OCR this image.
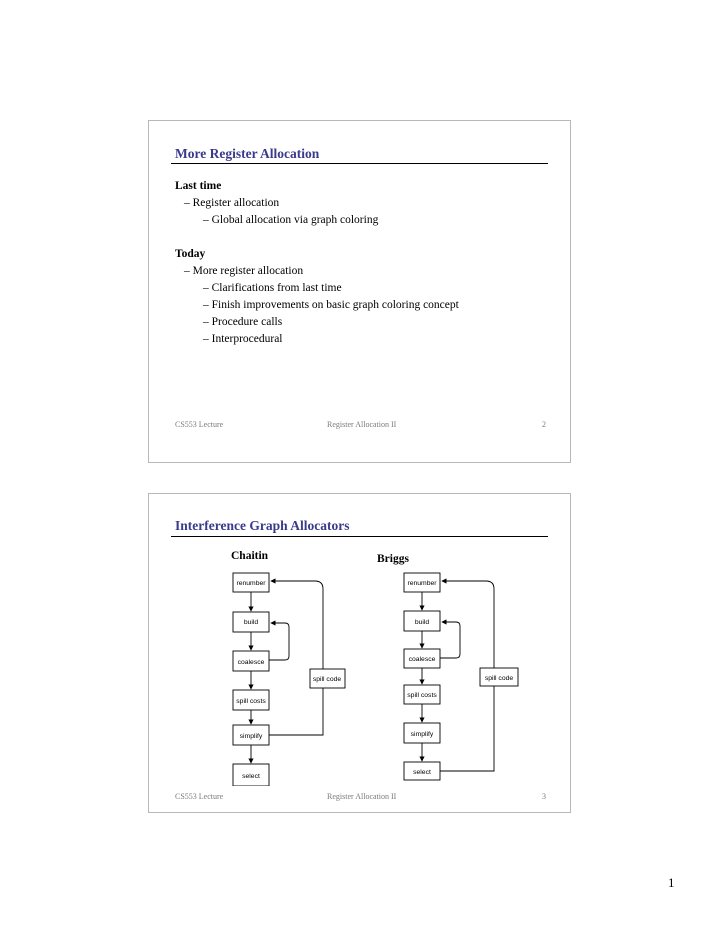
More Register Allocation
Last time
– Register allocation
– Global allocation via graph coloring
Today
– More register allocation
– Clarifications from last time
– Finish improvements on basic graph coloring concept
– Procedure calls
– Interprocedural
CS553 Lecture	Register Allocation II	2
Interference Graph Allocators
Chaitin	Briggs
renumber
build
coalesce
spill costs
simplify
select
spill code
renumber
build
coalesce
spill costs
simplify
select
spill code
CS553 Lecture	Register Allocation II	3
1
